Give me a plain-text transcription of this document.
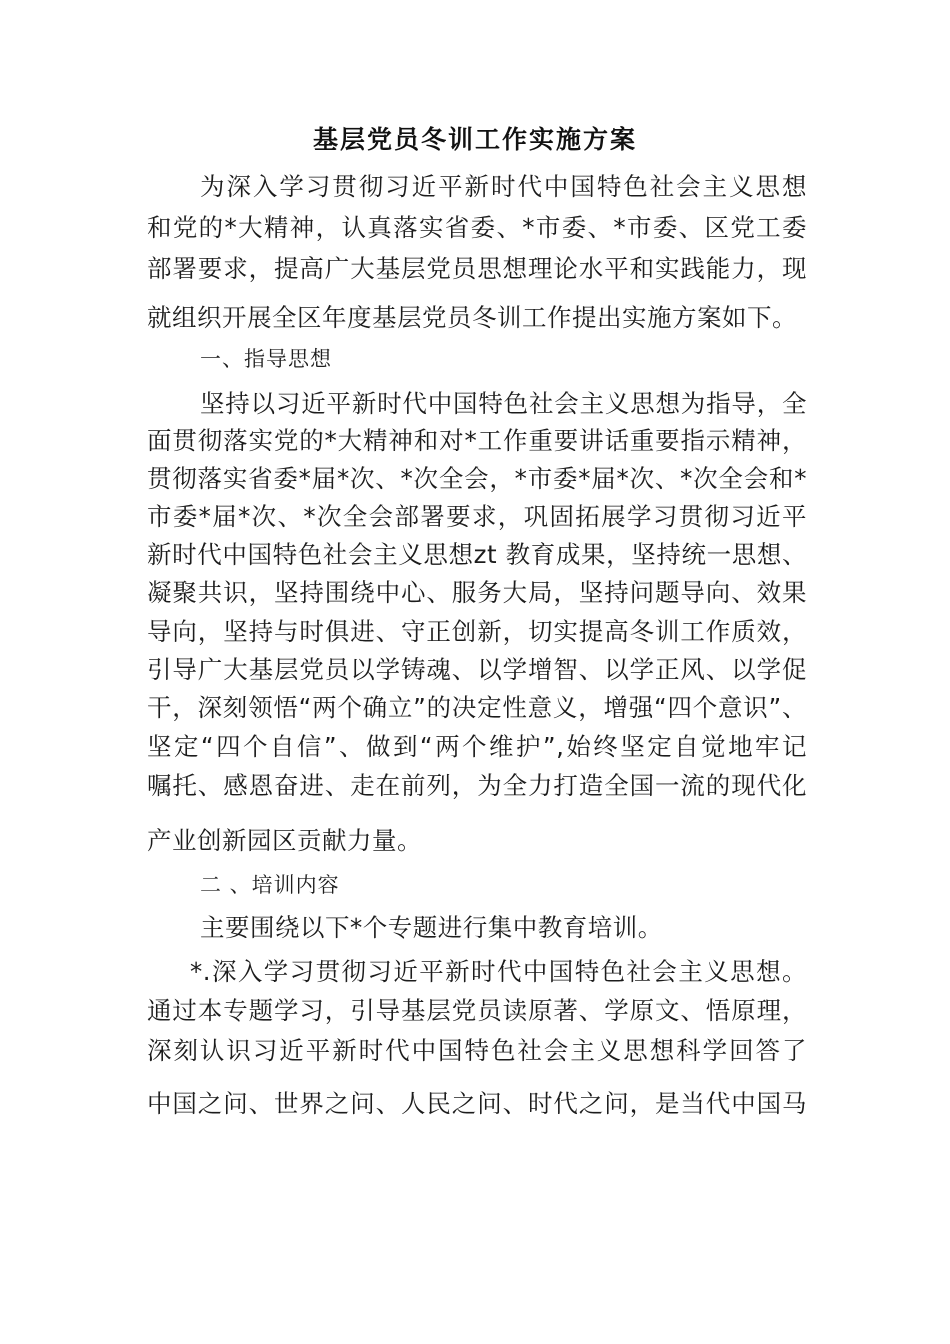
基层党员冬训工作实施方案
为深入学习贯彻习近平新时代中国特色社会主义思想
和党的*大精神，认真落实省委、*市委、*市委、区党工委
部署要求，提高广大基层党员思想理论水平和实践能力，现
就组织开展全区年度基层党员冬训工作提出实施方案如下。
一、指导思想
坚持以习近平新时代中国特色社会主义思想为指导，全
面贯彻落实党的*大精神和对*工作重要讲话重要指示精神，
贯彻落实省委*届*次、*次全会，*市委*届*次、*次全会和*
市委*届*次、*次全会部署要求，巩固拓展学习贯彻习近平
新时代中国特色社会主义思想zt 教育成果，坚持统一思想、
凝聚共识，坚持围绕中心、服务大局，坚持问题导向、效果
导向，坚持与时俱进、守正创新，切实提高冬训工作质效，
引导广大基层党员以学铸魂、以学增智、以学正风、以学促
干，深刻领悟“两个确立”的决定性意义，增强“四个意识”、
坚定“四个自信”、做到“两个维护”,始终坚定自觉地牢记
嘱托、感恩奋进、走在前列，为全力打造全国一流的现代化
产业创新园区贡献力量。
二 、培训内容
主要围绕以下*个专题进行集中教育培训。
*.深入学习贯彻习近平新时代中国特色社会主义思想。
通过本专题学习，引导基层党员读原著、学原文、悟原理，
深刻认识习近平新时代中国特色社会主义思想科学回答了
中国之问、世界之问、人民之问、时代之问，是当代中国马
